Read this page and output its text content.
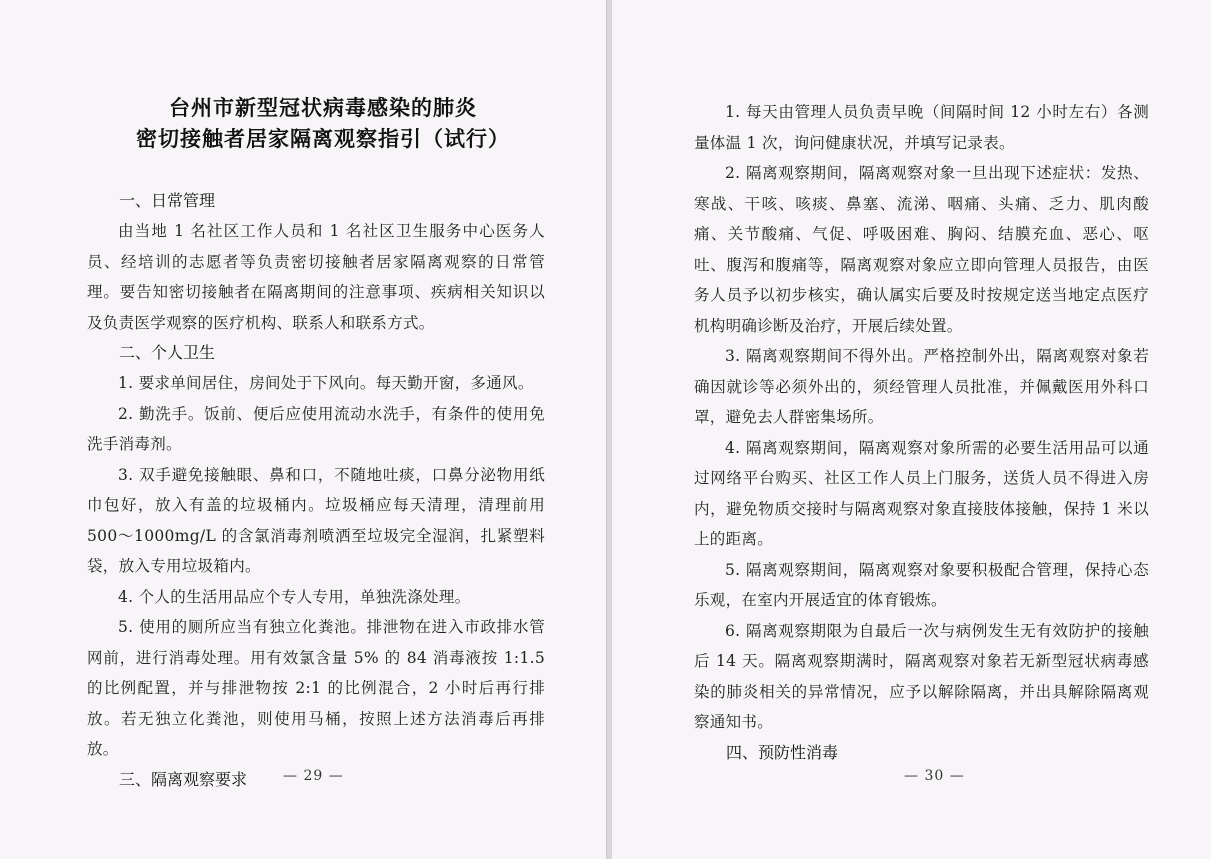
台州市新型冠状病毒感染的肺炎
密切接触者居家隔离观察指引（试行）

一、日常管理

由当地 1 名社区工作人员和 1 名社区卫生服务中心医务人员、经培训的志愿者等负责密切接触者居家隔离观察的日常管理。要告知密切接触者在隔离期间的注意事项、疾病相关知识以及负责医学观察的医疗机构、联系人和联系方式。

二、个人卫生

1. 要求单间居住，房间处于下风向。每天勤开窗，多通风。

2. 勤洗手。饭前、便后应使用流动水洗手，有条件的使用免洗手消毒剂。

3. 双手避免接触眼、鼻和口，不随地吐痰，口鼻分泌物用纸巾包好，放入有盖的垃圾桶内。垃圾桶应每天清理，清理前用 500～1000mg/L 的含氯消毒剂喷洒至垃圾完全湿润，扎紧塑料袋，放入专用垃圾箱内。

4. 个人的生活用品应个专人专用，单独洗涤处理。

5. 使用的厕所应当有独立化粪池。排泄物在进入市政排水管网前，进行消毒处理。用有效氯含量 5% 的 84 消毒液按 1:1.5 的比例配置，并与排泄物按 2:1 的比例混合，2 小时后再行排放。若无独立化粪池，则使用马桶，按照上述方法消毒后再排放。

三、隔离观察要求	— 29 —	— 30 —

1. 每天由管理人员负责早晚（间隔时间 12 小时左右）各测量体温 1 次，询问健康状况，并填写记录表。

2. 隔离观察期间，隔离观察对象一旦出现下述症状：发热、寒战、干咳、咳痰、鼻塞、流涕、咽痛、头痛、乏力、肌肉酸痛、关节酸痛、气促、呼吸困难、胸闷、结膜充血、恶心、呕吐、腹泻和腹痛等，隔离观察对象应立即向管理人员报告，由医务人员予以初步核实，确认属实后要及时按规定送当地定点医疗机构明确诊断及治疗，开展后续处置。

3. 隔离观察期间不得外出。严格控制外出，隔离观察对象若确因就诊等必须外出的，须经管理人员批准，并佩戴医用外科口罩，避免去人群密集场所。

4. 隔离观察期间，隔离观察对象所需的必要生活用品可以通过网络平台购买、社区工作人员上门服务，送货人员不得进入房内，避免物质交接时与隔离观察对象直接肢体接触，保持 1 米以上的距离。

5. 隔离观察期间，隔离观察对象要积极配合管理，保持心态乐观，在室内开展适宜的体育锻炼。

6. 隔离观察期限为自最后一次与病例发生无有效防护的接触后 14 天。隔离观察期满时，隔离观察对象若无新型冠状病毒感染的肺炎相关的异常情况，应予以解除隔离，并出具解除隔离观察通知书。

四、预防性消毒
